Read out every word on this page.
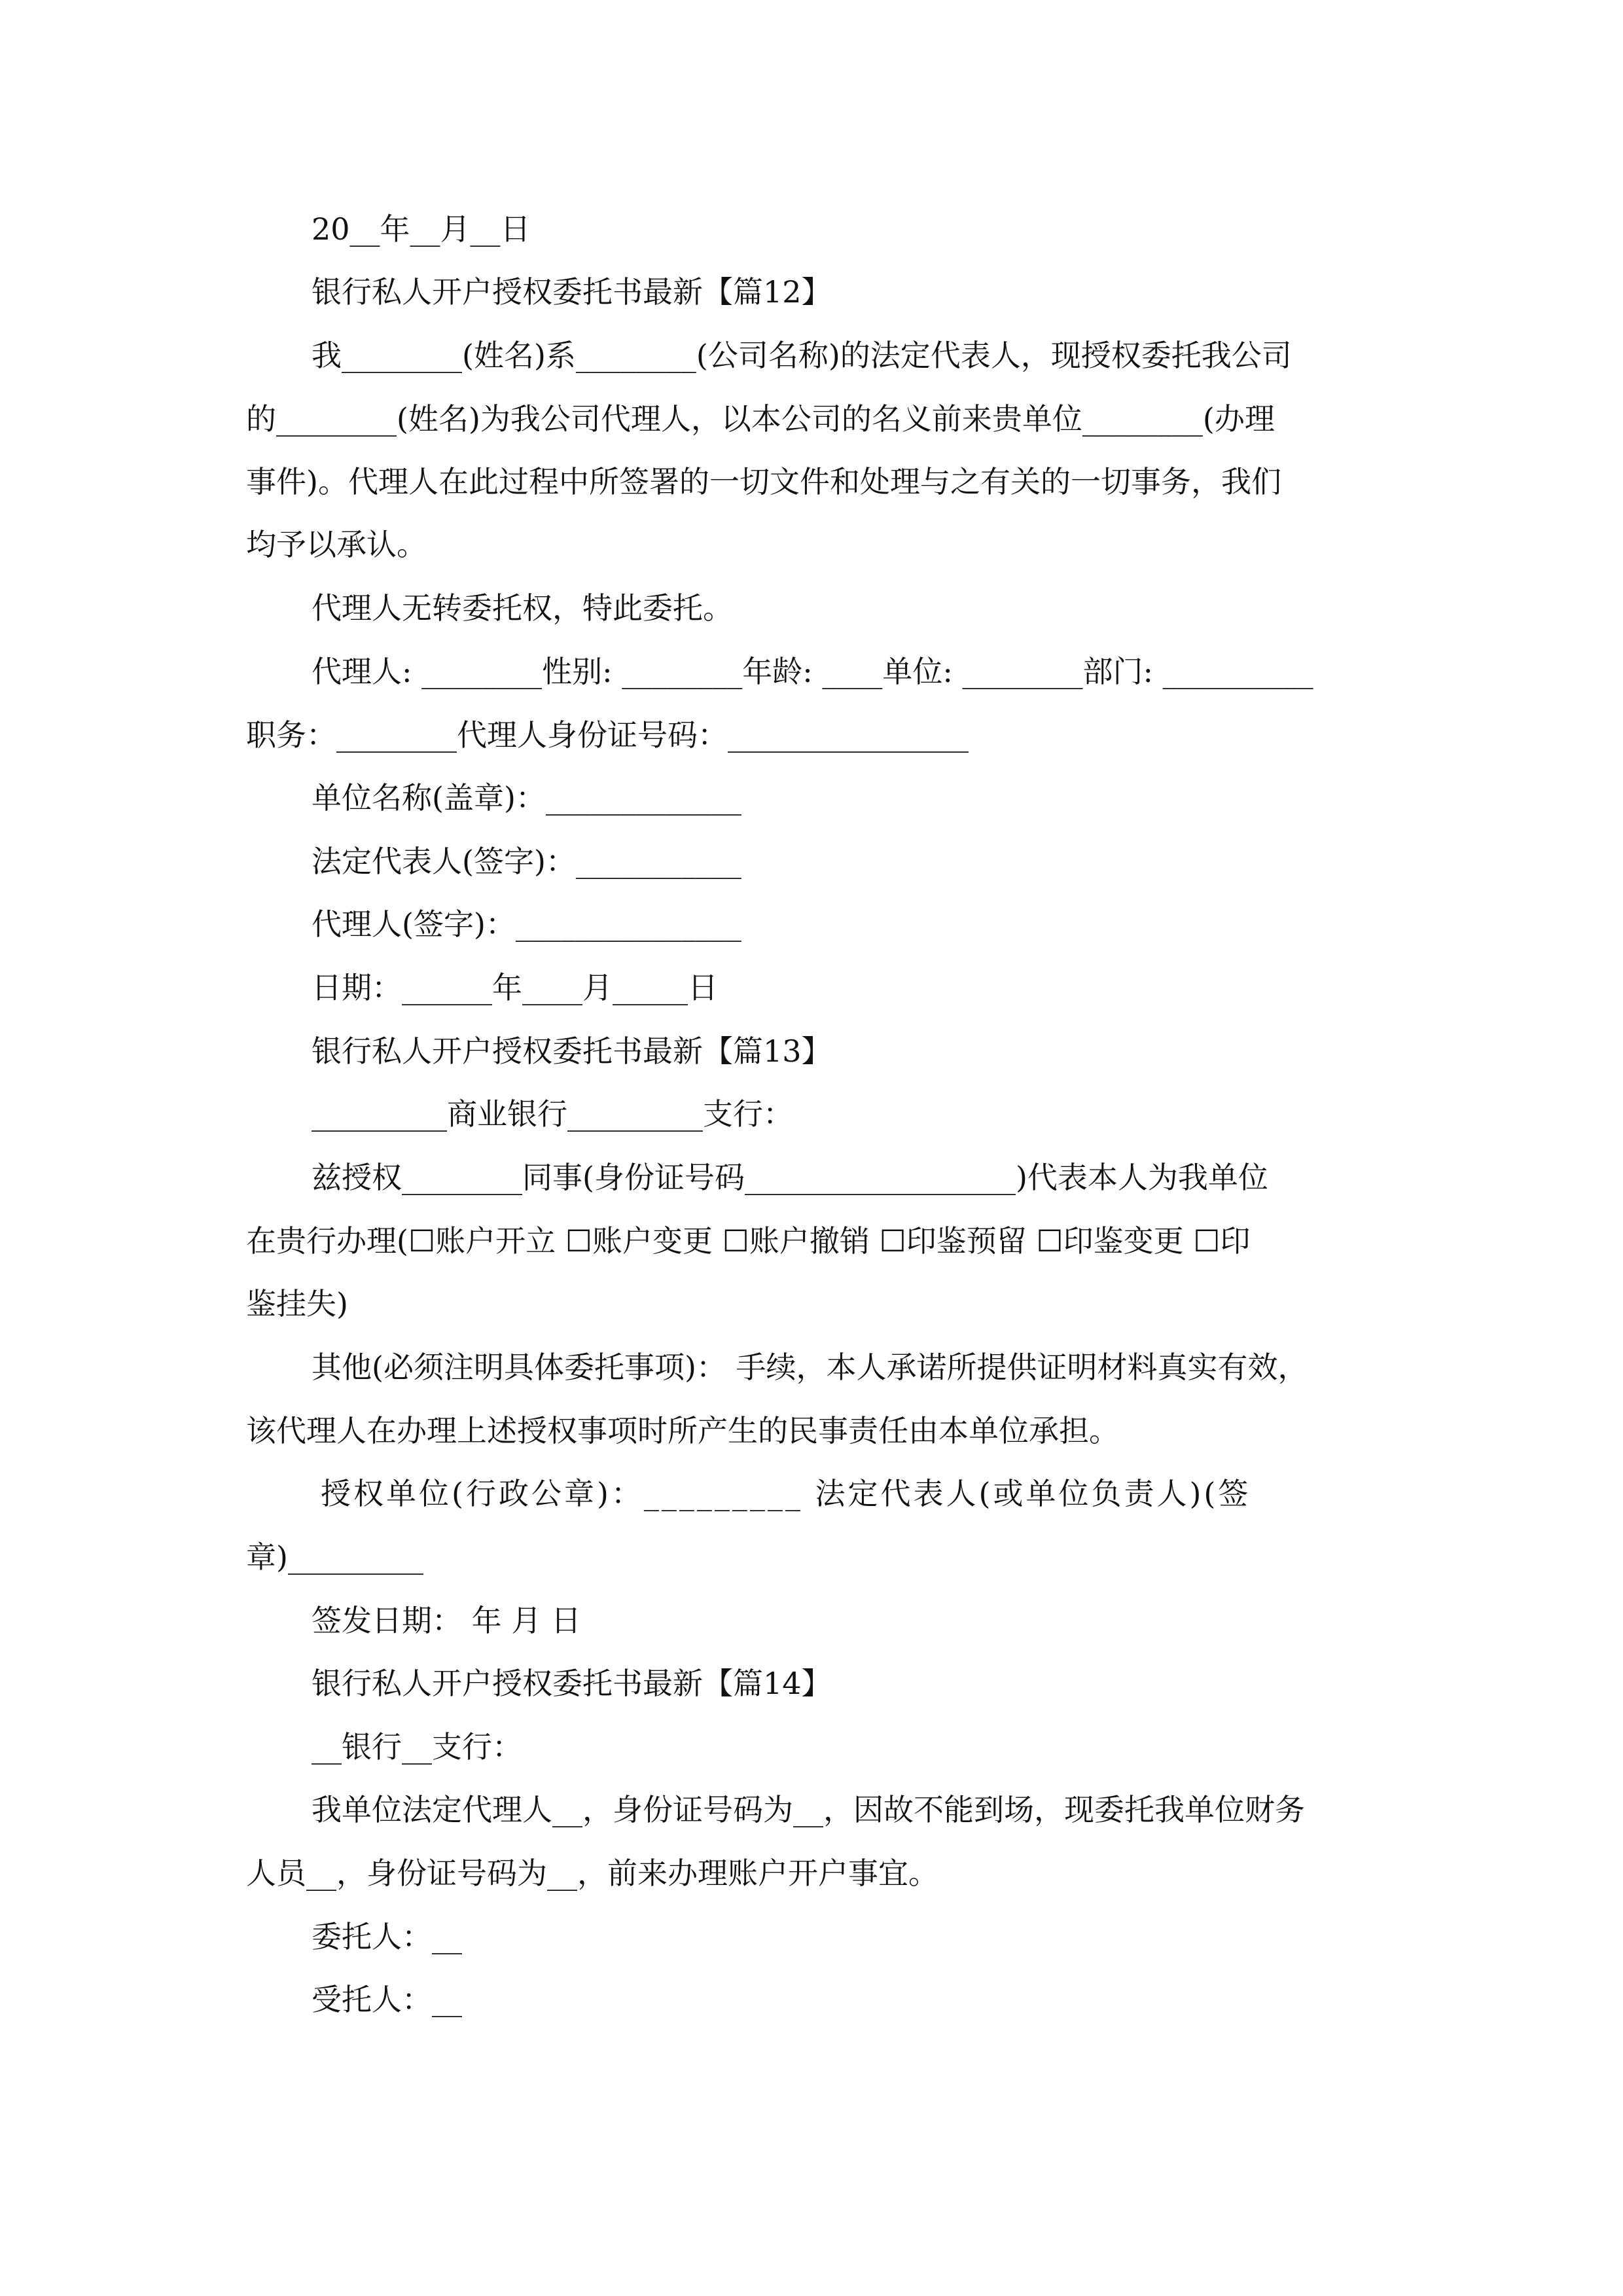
20__年__月__日
银行私人开户授权委托书最新【篇12】
我________(姓名)系________(公司名称)的法定代表人，现授权委托我公司
的________(姓名)为我公司代理人，以本公司的名义前来贵单位________(办理
事件)。代理人在此过程中所签署的一切文件和处理与之有关的一切事务，我们
均予以承认。
代理人无转委托权，特此委托。
代理人: ________性别: ________年龄: ____单位: ________部门: __________
职务：________代理人身份证号码：________________
单位名称(盖章)：_____________
法定代表人(签字)：___________
代理人(签字)：_______________
日期：______年____月_____日
银行私人开户授权委托书最新【篇13】
_________商业银行_________支行：
兹授权________同事(身份证号码__________________)代表本人为我单位
在贵行办理(☐账户开立 ☐账户变更 ☐账户撤销 ☐印鉴预留 ☐印鉴变更 ☐印
鉴挂失)
其他(必须注明具体委托事项)： 手续，本人承诺所提供证明材料真实有效，
该代理人在办理上述授权事项时所产生的民事责任由本单位承担。
授权单位(行政公章)：_________ 法定代表人(或单位负责人)(签
章)_________
签发日期： 年 月 日
银行私人开户授权委托书最新【篇14】
__银行__支行：
我单位法定代理人__，身份证号码为__，因故不能到场，现委托我单位财务
人员__，身份证号码为__，前来办理账户开户事宜。
委托人：__
受托人：__
